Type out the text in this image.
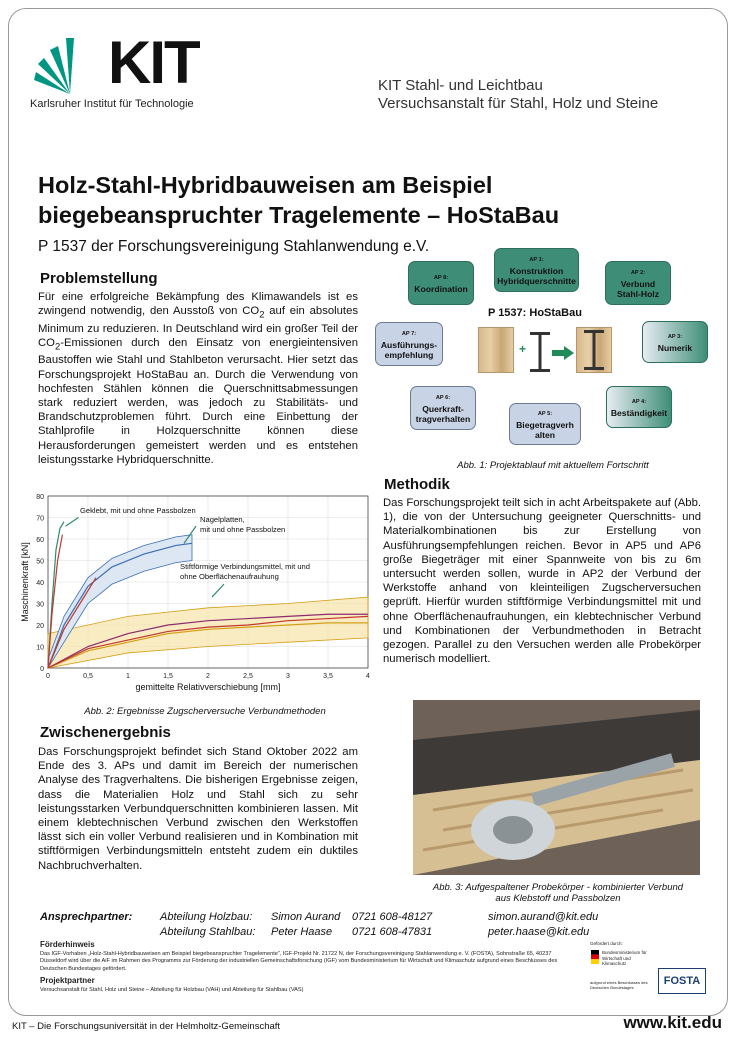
KIT
Karlsruher Institut für Technologie
KIT Stahl- und Leichtbau
Versuchsanstalt für Stahl, Holz und Steine
Holz-Stahl-Hybridbauweisen am Beispiel
biegebeanspruchter Tragelemente – HoStaBau
P 1537 der Forschungsvereinigung Stahlanwendung e.V.
Problemstellung
Für eine erfolgreiche Bekämpfung des Klimawandels ist es zwingend notwendig, den Ausstoß von $CO_2$ auf ein absolutes Minimum zu reduzieren. In Deutschland wird ein großer Teil der $CO_2$-Emissionen durch den Einsatz von energieintensiven Baustoffen wie Stahl und Stahlbeton verursacht. Hier setzt das Forschungsprojekt HoStaBau an. Durch die Verwendung von hochfesten Stählen können die Querschnittsabmessungen stark reduziert werden, was jedoch zu Stabilitäts- und Brandschutzproblemen führt. Durch eine Einbettung der Stahlprofile in Holzquerschnitte können diese Herausforderungen gemeistert werden und es entstehen leistungsstarke Hybridquerschnitte.
AP 1:
Konstruktion Hybridquerschnitte
AP 2:
Verbund Stahl-Holz
AP 3:
Numerik
AP 4:
Beständigkeit
AP 5:
Biegetragverh alten
AP 6:
Querkraft-tragverhalten
AP 7:
Ausführungs-empfehlung
AP 8:
Koordination
P 1537: HoStaBau
+
Abb. 1: Projektablauf mit aktuellem Fortschritt
0
10
20
30
40
50
60
70
80
0	0,5	1	1,5	2	2,5	3	3,5	4
gemittelte Relativverschiebung [mm]
Maschinenkraft [kN]
Geklebt, mit und ohne Passbolzen
Nagelplatten, mit und ohne Passbolzen
Stiftförmige Verbindungsmittel, mit und ohne Oberflächenaufrauhung
Abb. 2: Ergebnisse Zugscherversuche Verbundmethoden
Methodik
Das Forschungsprojekt teilt sich in acht Arbeitspakete auf (Abb. 1), die von der Untersuchung geeigneter Querschnitts- und Materialkombinationen bis zur Erstellung von Ausführungsempfehlungen reichen. Bevor in AP5 und AP6 große Biegeträger mit einer Spannweite von bis zu 6m untersucht werden sollen, wurde in AP2 der Verbund der Werkstoffe anhand von kleinteiligen Zugscherversuchen geprüft. Hierfür wurden stiftförmige Verbindungsmittel mit und ohne Oberflächenaufrauhungen, ein klebtechnischer Verbund und Kombinationen der Verbundmethoden in Betracht gezogen. Parallel zu den Versuchen werden alle Probekörper numerisch modelliert.
Zwischenergebnis
Das Forschungsprojekt befindet sich Stand Oktober 2022 am Ende des 3. APs und damit im Bereich der numerischen Analyse des Tragverhaltens. Die bisherigen Ergebnisse zeigen, dass die Materialien Holz und Stahl sich zu sehr leistungsstarken Verbundquerschnitten kombinieren lassen. Mit einem klebtechnischen Verbund zwischen den Werkstoffen lässt sich ein voller Verbund realisieren und in Kombination mit stiftförmigen Verbindungsmitteln entsteht zudem ein duktiles Nachbruchverhalten.
Abb. 3: Aufgespaltener Probekörper - kombinierter Verbund
aus Klebstoff und Passbolzen
Ansprechpartner:	Abteilung Holzbau: Simon Aurand 0721 608-48127	simon.aurand@kit.edu
Abteilung Stahlbau: Peter Haase 0721 608-47831	peter.haase@kit.edu
Förderhinweis
Das IGF-Vorhaben „Holz-Stahl-Hybridbauweisen am Beispiel biegebeanspruchter Tragelemente“, IGF-Projekt Nr. 21722 N, der Forschungsvereinigung Stahlanwendung e. V. (FOSTA), Sohnstraße 65, 40237 Düsseldorf wird über die AiF im Rahmen des Programms zur Förderung der industriellen Gemeinschaftsforschung (IGF) vom Bundesministerium für Wirtschaft und Klimaschutz aufgrund eines Beschlusses des Deutschen Bundestages gefördert.
Projektpartner
Versuchsanstalt für Stahl, Holz und Steine – Abteilung für Holzbau (VAH) und Abteilung für Stahlbau (VAS)
Gefördert durch:
Bundesministerium für Wirtschaft und Klimaschutz
aufgrund eines Beschlusses des Deutschen Bundestages
FOSTA
KIT – Die Forschungsuniversität in der Helmholtz-Gemeinschaft	www.kit.edu
